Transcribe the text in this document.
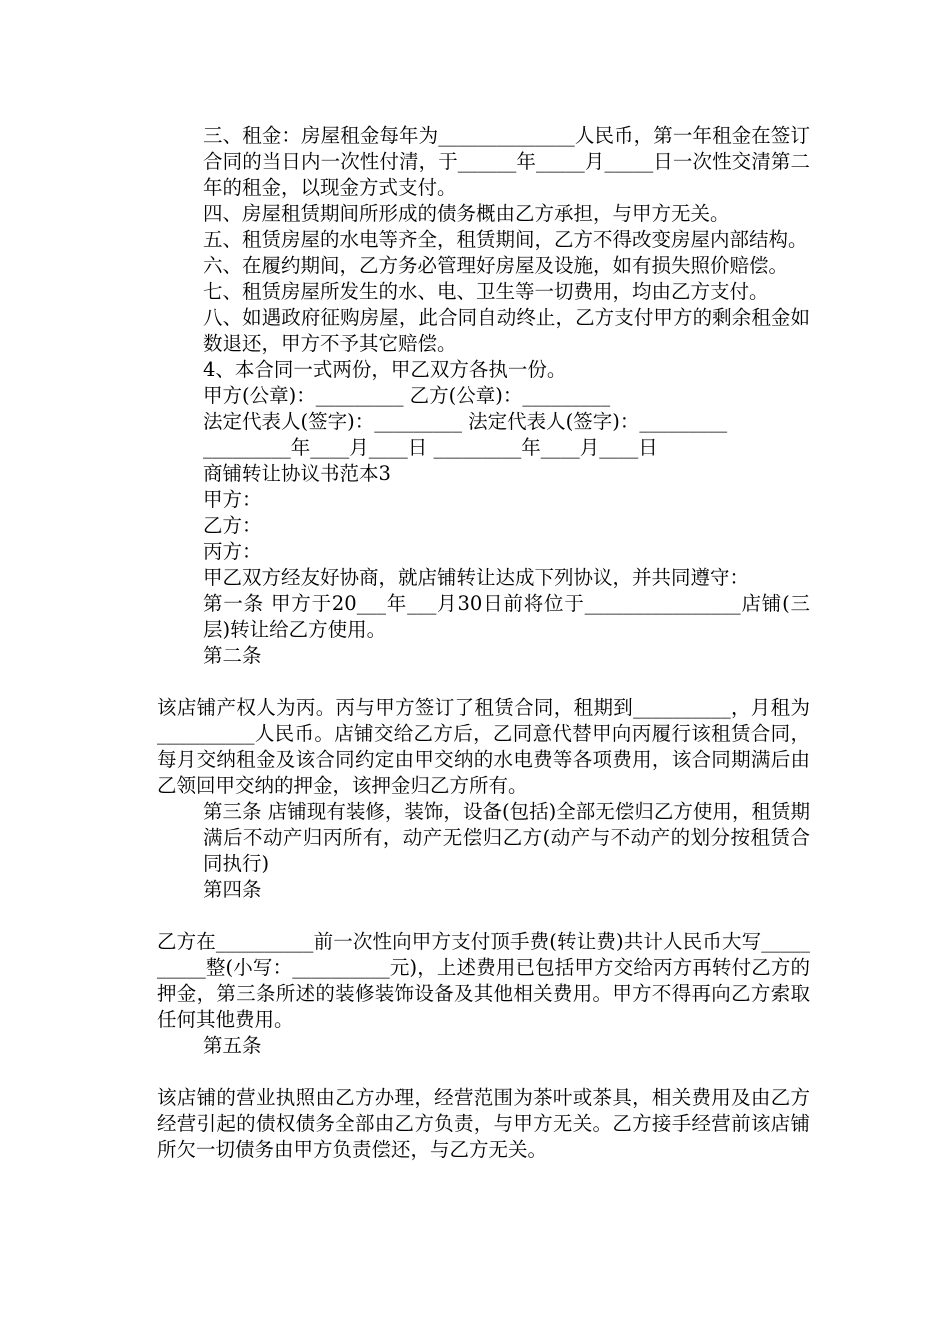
三、租金：房屋租金每年为______________人民币，第一年租金在签订合同的当日内一次性付清，于______年_____月_____日一次性交清第二年的租金，以现金方式支付。

四、房屋租赁期间所形成的债务概由乙方承担，与甲方无关。

五、租赁房屋的水电等齐全，租赁期间，乙方不得改变房屋内部结构。

六、在履约期间，乙方务必管理好房屋及设施，如有损失照价赔偿。

七、租赁房屋所发生的水、电、卫生等一切费用，均由乙方支付。

八、如遇政府征购房屋，此合同自动终止，乙方支付甲方的剩余租金如数退还，甲方不予其它赔偿。

4、本合同一式两份，甲乙双方各执一份。

甲方(公章)：_________ 乙方(公章)：_________

法定代表人(签字)：_________ 法定代表人(签字)：_________

_________年____月____日 _________年____月____日

商铺转让协议书范本3

甲方：

乙方：

丙方：

甲乙双方经友好协商，就店铺转让达成下列协议，并共同遵守：

第一条 甲方于20___年___月30日前将位于________________店铺(三层)转让给乙方使用。

第二条

该店铺产权人为丙。丙与甲方签订了租赁合同，租期到__________，月租为__________人民币。店铺交给乙方后，乙同意代替甲向丙履行该租赁合同，每月交纳租金及该合同约定由甲交纳的水电费等各项费用，该合同期满后由乙领回甲交纳的押金，该押金归乙方所有。

第三条 店铺现有装修，装饰，设备(包括)全部无偿归乙方使用，租赁期满后不动产归丙所有，动产无偿归乙方(动产与不动产的划分按租赁合同执行)

第四条

乙方在__________前一次性向甲方支付顶手费(转让费)共计人民币大写__________整(小写：__________元)，上述费用已包括甲方交给丙方再转付乙方的押金，第三条所述的装修装饰设备及其他相关费用。甲方不得再向乙方索取任何其他费用。

第五条

该店铺的营业执照由乙方办理，经营范围为茶叶或茶具，相关费用及由乙方经营引起的债权债务全部由乙方负责，与甲方无关。乙方接手经营前该店铺所欠一切债务由甲方负责偿还，与乙方无关。
